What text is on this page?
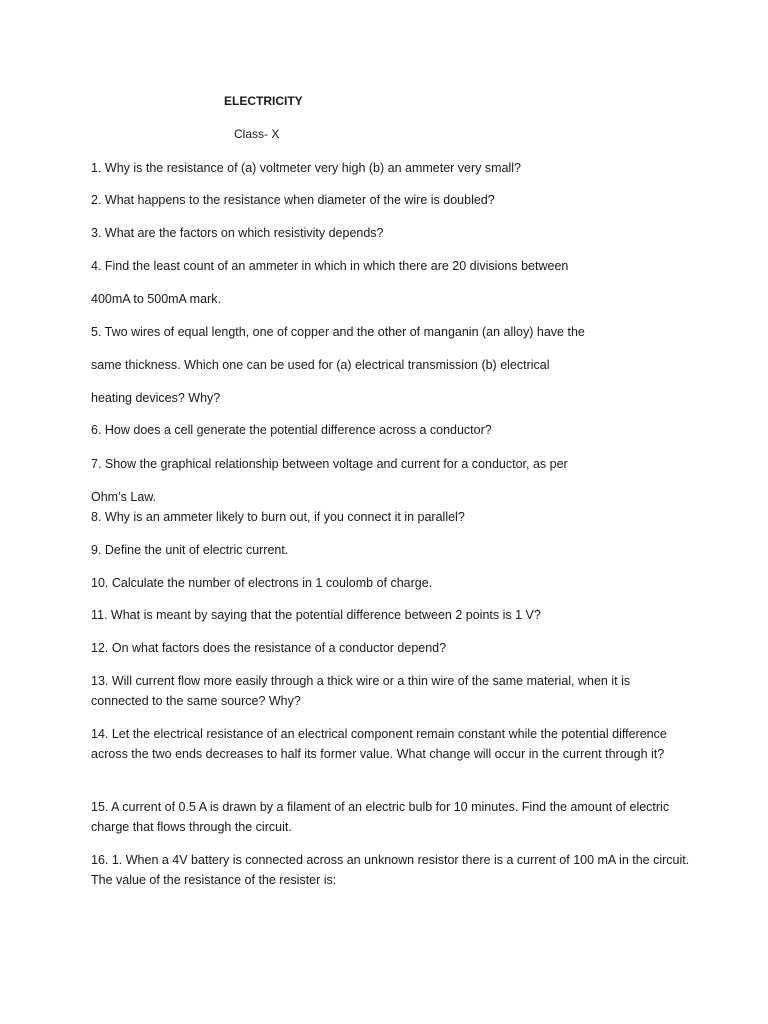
ELECTRICITY
Class- X
1. Why is the resistance of (a) voltmeter very high (b) an ammeter very small?
2. What happens to the resistance when diameter of the wire is doubled?
3. What are the factors on which resistivity depends?
4. Find the least count of an ammeter in which in which there are 20 divisions between
400mA to 500mA mark.
5. Two wires of equal length, one of copper and the other of manganin (an alloy) have the
same thickness. Which one can be used for (a) electrical transmission (b) electrical
heating devices? Why?
6. How does a cell generate the potential difference across a conductor?
7. Show the graphical relationship between voltage and current for a conductor, as per
Ohm’s Law.
8. Why is an ammeter likely to burn out, if you connect it in parallel?
9. Define the unit of electric current.
10. Calculate the number of electrons in 1 coulomb of charge.
11. What is meant by saying that the potential difference between 2 points is 1 V?
12. On what factors does the resistance of a conductor depend?
13. Will current flow more easily through a thick wire or a thin wire of the same material, when it is connected to the same source? Why?
14. Let the electrical resistance of an electrical component remain constant while the potential difference across the two ends decreases to half its former value. What change will occur in the current through it?
15. A current of 0.5 A is drawn by a filament of an electric bulb for 10 minutes. Find the amount of electric charge that flows through the circuit.
16. 1. When a 4V battery is connected across an unknown resistor there is a current of 100 mA in the circuit. The value of the resistance of the resister is:
